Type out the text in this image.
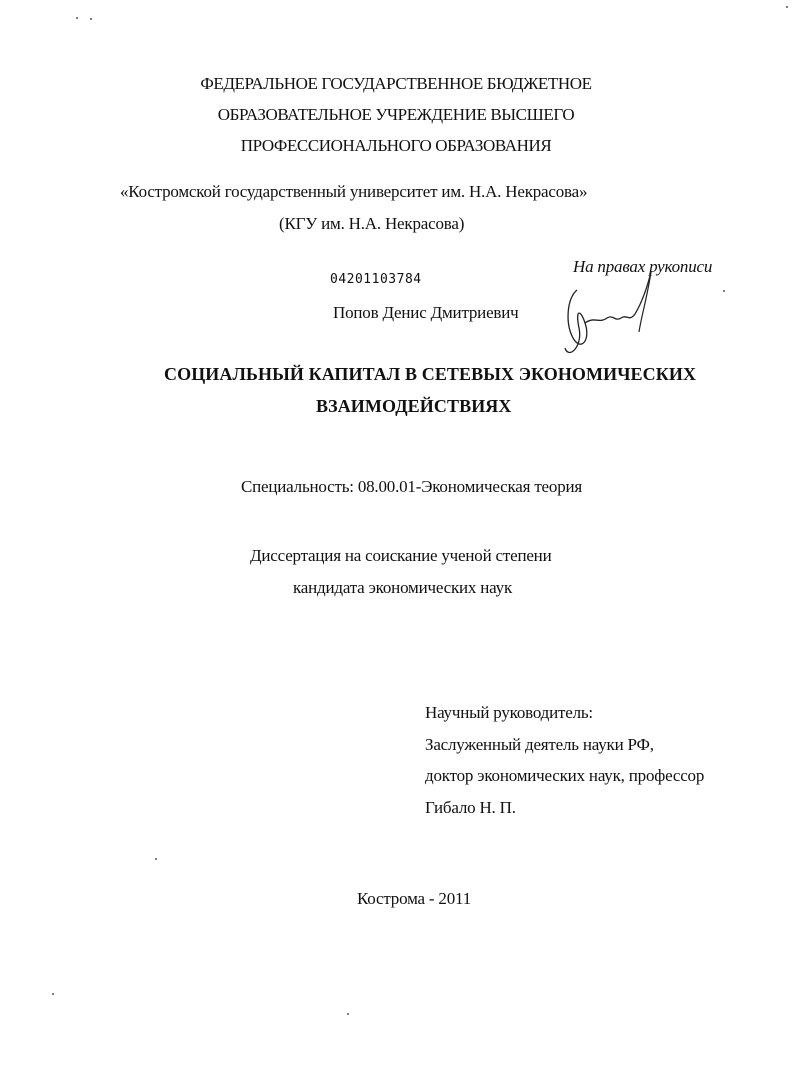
ФЕДЕРАЛЬНОЕ ГОСУДАРСТВЕННОЕ БЮДЖЕТНОЕ
ОБРАЗОВАТЕЛЬНОЕ УЧРЕЖДЕНИЕ ВЫСШЕГО
ПРОФЕССИОНАЛЬНОГО ОБРАЗОВАНИЯ
«Костромской государственный университет им. Н.А. Некрасова»
(КГУ им. Н.А. Некрасова)
На правах рукописи
04201103784
Попов Денис Дмитриевич
СОЦИАЛЬНЫЙ КАПИТАЛ В СЕТЕВЫХ ЭКОНОМИЧЕСКИХ
ВЗАИМОДЕЙСТВИЯХ
Специальность: 08.00.01-Экономическая теория
Диссертация на соискание ученой степени
кандидата экономических наук
Научный руководитель:
Заслуженный деятель науки РФ,
доктор экономических наук, профессор
Гибало Н. П.
Кострома - 2011
